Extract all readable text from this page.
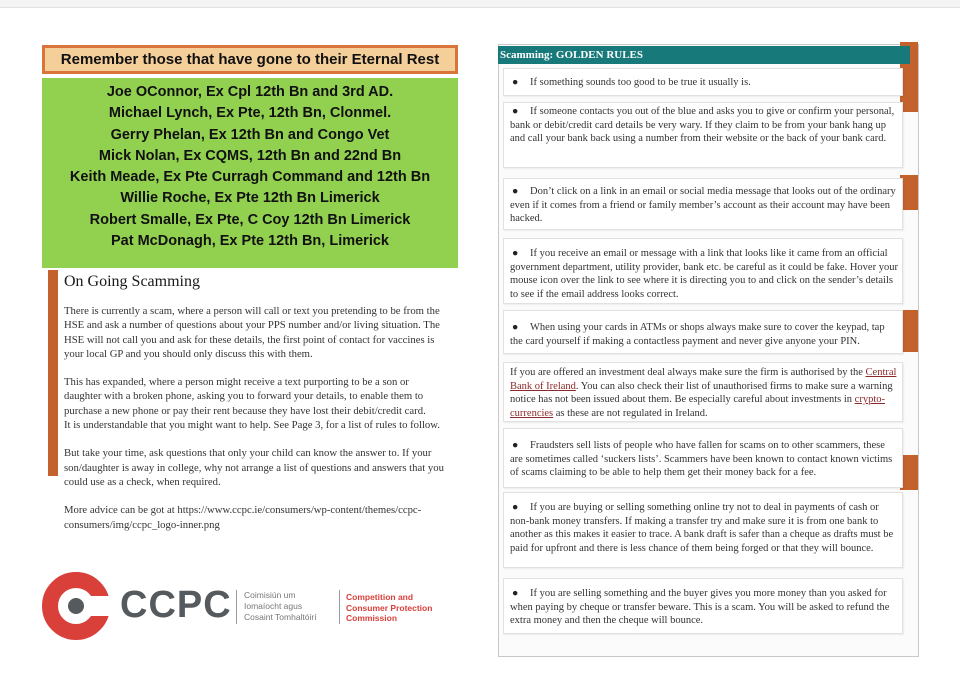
Remember those that have gone to their Eternal Rest
Joe OConnor, Ex Cpl 12th Bn and 3rd AD.
Michael Lynch, Ex Pte, 12th Bn, Clonmel.
Gerry Phelan, Ex 12th Bn and Congo Vet
Mick Nolan, Ex CQMS, 12th Bn and 22nd Bn
Keith Meade, Ex Pte Curragh Command and 12th Bn
Willie Roche, Ex Pte 12th Bn Limerick
Robert Smalle, Ex Pte, C Coy 12th Bn Limerick
Pat McDonagh, Ex Pte 12th Bn, Limerick
On Going Scamming

There is currently a scam, where a person will call or text you pretending to be from the HSE and ask a number of questions about your PPS number and/or living situation. The HSE will not call you and ask for these details, the first point of contact for vaccines is your local GP and you should only discuss this with them.

This has expanded, where a person might receive a text purporting to be a son or daughter with a broken phone, asking you to forward your details, to enable them to purchase a new phone or pay their rent because they have lost their debit/credit card.

It is understandable that you might want to help. See Page 3, for a list of rules to follow.

But take your time, ask questions that only your child can know the answer to. If your son/daughter is away in college, why not arrange a list of questions and answers that you could use as a check, when required.

More advice can be got at https://www.ccpc.ie/consumers/wp-content/themes/ccpc-consumers/img/ccpc_logo-inner.png

CCPC Coimisiún um
Iomaíocht agus
Cosaint Tomhaltóirí
Competition and
Consumer Protection
Commission
Scamming: GOLDEN RULES
● If something sounds too good to be true it usually is.
● If someone contacts you out of the blue and asks you to give or confirm your personal, bank or debit/credit card details be very wary. If they claim to be from your bank hang up and call your bank back using a number from their website or the back of your bank card.
● Don’t click on a link in an email or social media message that looks out of the ordinary even if it comes from a friend or family member’s account as their account may have been hacked.
● If you receive an email or message with a link that looks like it came from an official government department, utility provider, bank etc. be careful as it could be fake. Hover your mouse icon over the link to see where it is directing you to and click on the sender’s details to see if the email address looks correct.
● When using your cards in ATMs or shops always make sure to cover the keypad, tap the card yourself if making a contactless payment and never give anyone your PIN.
If you are offered an investment deal always make sure the firm is authorised by the Central Bank of Ireland. You can also check their list of unauthorised firms to make sure a warning notice has not been issued about them. Be especially careful about investments in crypto-currencies as these are not regulated in Ireland.
● Fraudsters sell lists of people who have fallen for scams on to other scammers, these are sometimes called ‘suckers lists’. Scammers have been known to contact known victims of scams claiming to be able to help them get their money back for a fee.
● If you are buying or selling something online try not to deal in payments of cash or non-bank money transfers. If making a transfer try and make sure it is from one bank to another as this makes it easier to trace. A bank draft is safer than a cheque as drafts must be paid for upfront and there is less chance of them being forged or that they will bounce.
● If you are selling something and the buyer gives you more money than you asked for when paying by cheque or transfer beware. This is a scam. You will be asked to refund the extra money and then the cheque will bounce.
